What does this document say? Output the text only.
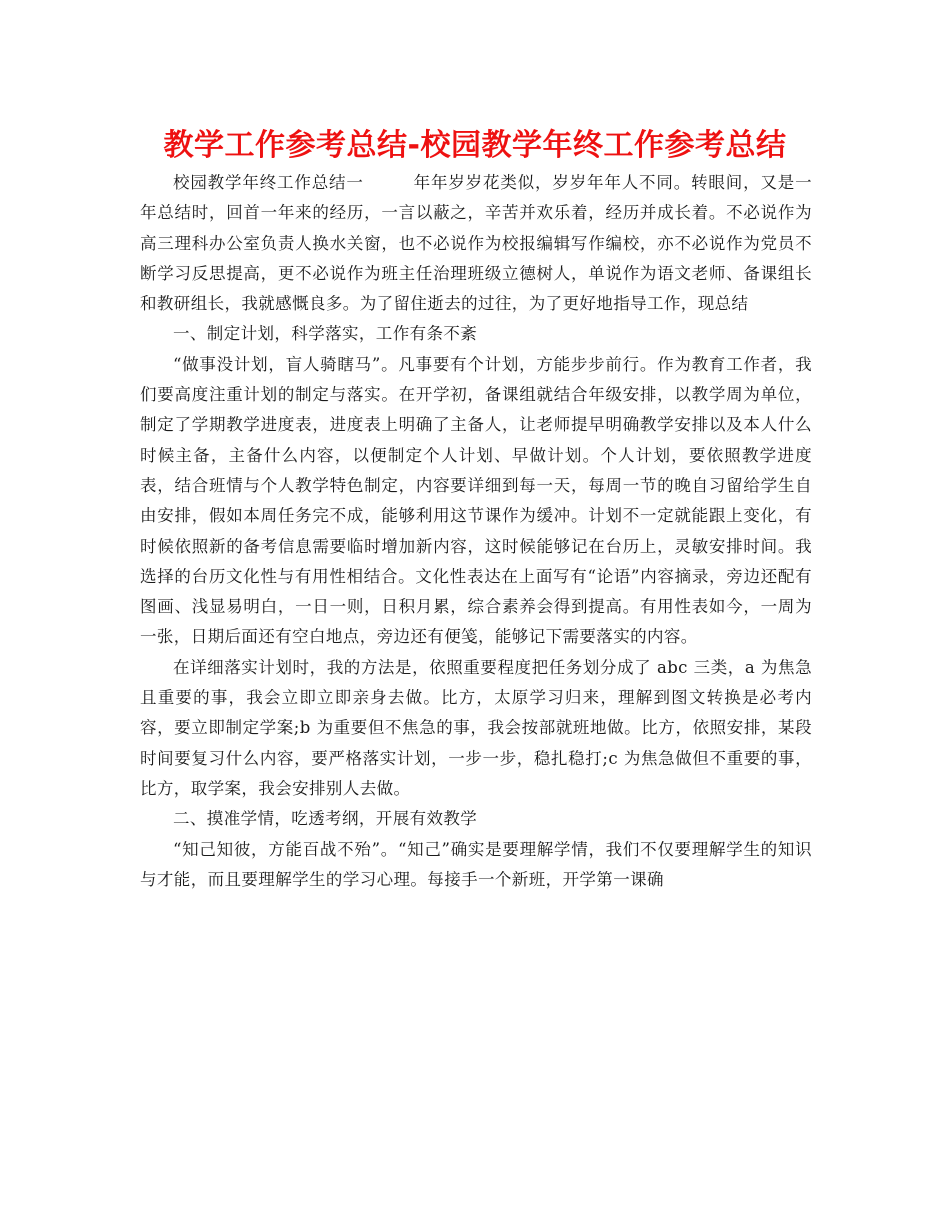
教学工作参考总结-校园教学年终工作参考总结

校园教学年终工作总结一	年年岁岁花类似，岁岁年年人不同。转眼间，又是一年总结时，回首一年来的经历，一言以蔽之，辛苦并欢乐着，经历并成长着。不必说作为高三理科办公室负责人换水关窗，也不必说作为校报编辑写作编校，亦不必说作为党员不断学习反思提高，更不必说作为班主任治理班级立德树人，单说作为语文老师、备课组长和教研组长，我就感慨良多。为了留住逝去的过往，为了更好地指导工作，现总结

一、制定计划，科学落实，工作有条不紊

“做事没计划，盲人骑瞎马”。凡事要有个计划，方能步步前行。作为教育工作者，我们要高度注重计划的制定与落实。在开学初，备课组就结合年级安排，以教学周为单位，制定了学期教学进度表，进度表上明确了主备人，让老师提早明确教学安排以及本人什么时候主备，主备什么内容，以便制定个人计划、早做计划。个人计划，要依照教学进度表，结合班情与个人教学特色制定，内容要详细到每一天，每周一节的晚自习留给学生自由安排，假如本周任务完不成，能够利用这节课作为缓冲。计划不一定就能跟上变化，有时候依照新的备考信息需要临时增加新内容，这时候能够记在台历上，灵敏安排时间。我选择的台历文化性与有用性相结合。文化性表达在上面写有“论语”内容摘录，旁边还配有图画、浅显易明白，一日一则，日积月累，综合素养会得到提高。有用性表如今，一周为一张，日期后面还有空白地点，旁边还有便笺，能够记下需要落实的内容。

在详细落实计划时，我的方法是，依照重要程度把任务划分成了 abc 三类，a 为焦急且重要的事，我会立即立即亲身去做。比方，太原学习归来，理解到图文转换是必考内容，要立即制定学案;b 为重要但不焦急的事，我会按部就班地做。比方，依照安排，某段时间要复习什么内容，要严格落实计划，一步一步，稳扎稳打;c 为焦急做但不重要的事，比方，取学案，我会安排别人去做。

二、摸准学情，吃透考纲，开展有效教学

“知己知彼，方能百战不殆”。“知己”确实是要理解学情，我们不仅要理解学生的知识与才能，而且要理解学生的学习心理。每接手一个新班，开学第一课确
